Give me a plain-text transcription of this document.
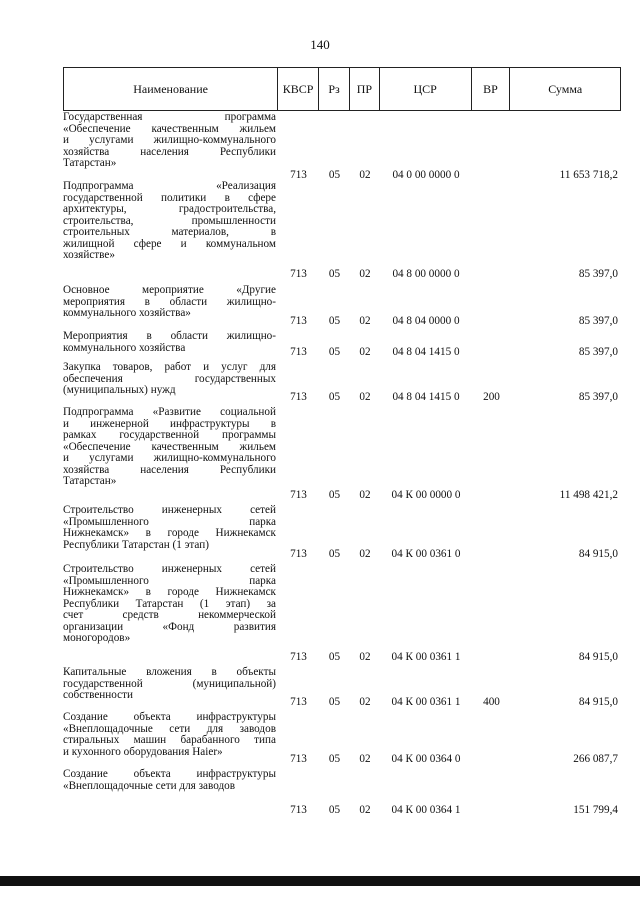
140
Наименование	КВСР	Рз	ПР	ЦСР	ВР	Сумма
Государственная программа
«Обеспечение качественным жильем
и услугами жилищно-коммунального
хозяйства населения Республики
Татарстан»
713	05	02	04 0 00 0000 0	11 653 718,2
Подпрограмма «Реализация
государственной политики в сфере
архитектуры, градостроительства,
строительства, промышленности
строительных материалов, в
жилищной сфере и коммунальном
хозяйстве»
713	05	02	04 8 00 0000 0	85 397,0
Основное мероприятие «Другие
мероприятия в области жилищно-
коммунального хозяйства»
713	05	02	04 8 04 0000 0	85 397,0
Мероприятия в области жилищно-
коммунального хозяйства	713	05	02	04 8 04 1415 0	85 397,0
Закупка товаров, работ и услуг для
обеспечения государственных
(муниципальных) нужд
713	05	02	04 8 04 1415 0	200	85 397,0
Подпрограмма «Развитие социальной
и инженерной инфраструктуры в
рамках государственной программы
«Обеспечение качественным жильем
и услугами жилищно-коммунального
хозяйства населения Республики
Татарстан»
713	05	02	04 К 00 0000 0	11 498 421,2
Строительство инженерных сетей
«Промышленного парка
Нижнекамск» в городе Нижнекамск
Республики Татарстан (1 этап)
713	05	02	04 К 00 0361 0	84 915,0
Строительство инженерных сетей
«Промышленного парка
Нижнекамск» в городе Нижнекамск
Республики Татарстан (1 этап) за
счет средств некоммерческой
организации «Фонд развития
моногородов»
713	05	02	04 К 00 0361 1	84 915,0
Капитальные вложения в объекты
государственной (муниципальной)
собственности
713	05	02	04 К 00 0361 1	400	84 915,0
Создание объекта инфраструктуры
«Внеплощадочные сети для заводов
стиральных машин барабанного типа
и кухонного оборудования Haier»
713	05	02	04 К 00 0364 0	266 087,7
Создание объекта инфраструктуры
«Внеплощадочные сети для заводов
713	05	02	04 К 00 0364 1	151 799,4
